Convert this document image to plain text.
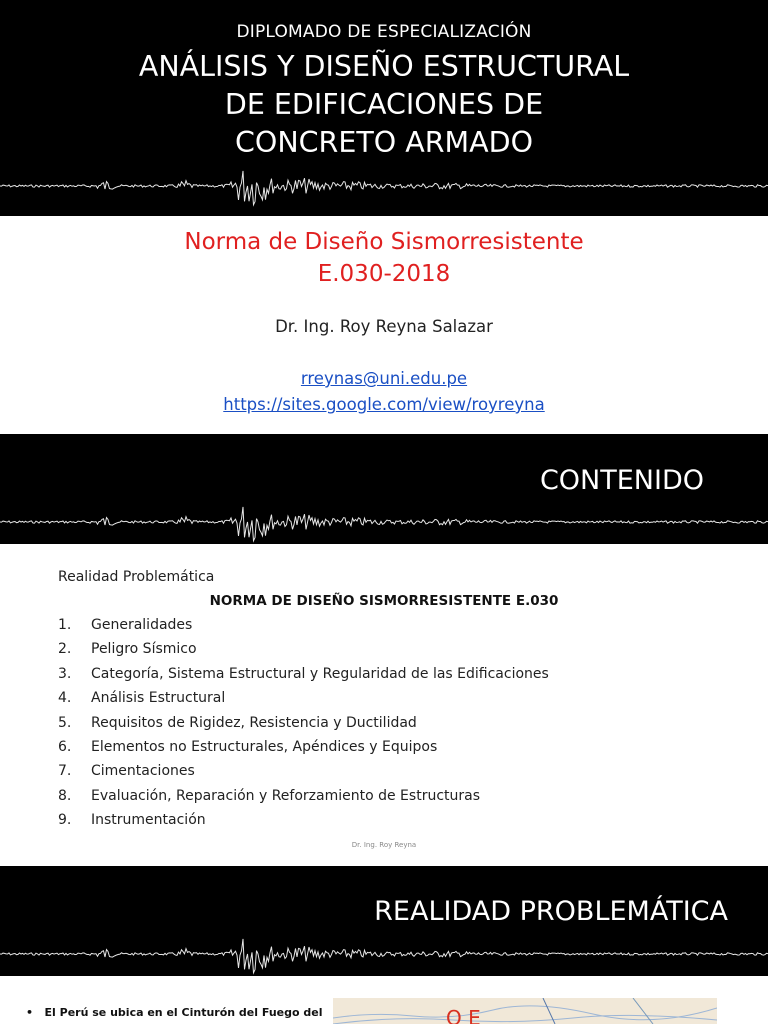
DIPLOMADO DE ESPECIALIZACIÓN
ANÁLISIS Y DISEÑO ESTRUCTURAL
DE EDIFICACIONES DE
CONCRETO ARMADO
Norma de Diseño Sismorresistente
E.030-2018
Dr. Ing. Roy Reyna Salazar
rreynas@uni.edu.pe
https://sites.google.com/view/royreyna
CONTENIDO
Realidad Problemática
NORMA DE DISEÑO SISMORRESISTENTE E.030
1.	Generalidades
2.	Peligro Sísmico
3.	Categoría, Sistema Estructural y Regularidad de las Edificaciones
4.	Análisis Estructural
5.	Requisitos de Rigidez, Resistencia y Ductilidad
6.	Elementos no Estructurales, Apéndices y Equipos
7.	Cimentaciones
8.	Evaluación, Reparación y Reforzamiento de Estructuras
9.	Instrumentación
Dr. Ing. Roy Reyna
REALIDAD PROBLEMÁTICA
•   El Perú se ubica en el Cinturón del Fuego del	O E
